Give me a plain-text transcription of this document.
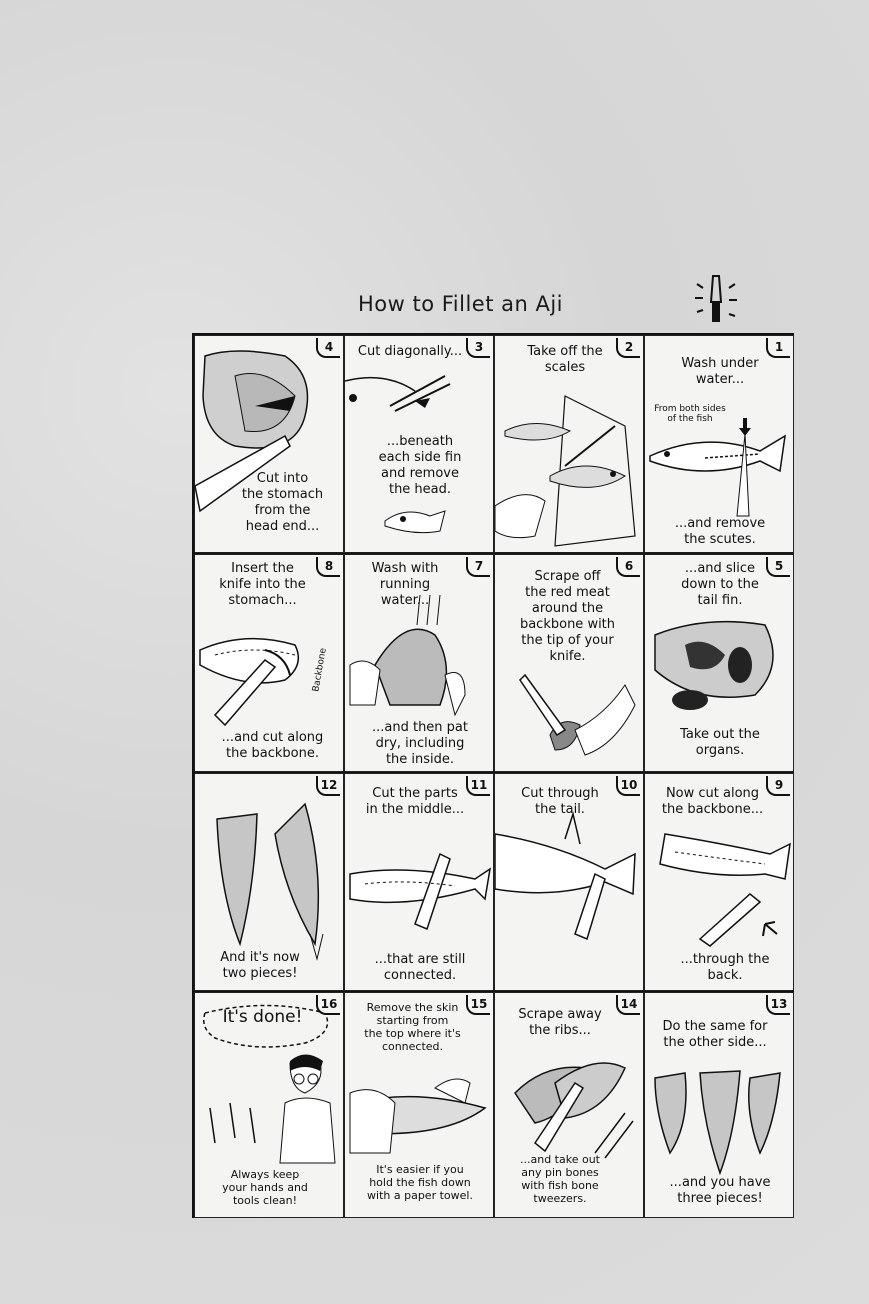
How to Fillet an Aji
4
Cut into
the stomach
from the
head end...
3
Cut diagonally...
...beneath
each side fin
and remove
the head.
2
Take off the
scales
1
Wash under
water...
From both sides
of the fish
...and remove
the scutes.
8
Insert the
knife into the
stomach...
Backbone
...and cut along
the backbone.
7
Wash with
running
water...
...and then pat
dry, including
the inside.
6
Scrape off
the red meat
around the
backbone with
the tip of your
knife.
5
...and slice
down to the
tail fin.
Take out the
organs.
12
And it's now
two pieces!
11
Cut the parts
in the middle...
...that are still
connected.
10
Cut through
the tail.
9
Now cut along
the backbone...
...through the
back.
16
It's done!
Always keep
your hands and
tools clean!
15
Remove the skin
starting from
the top where it's
connected.
It's easier if you
hold the fish down
with a paper towel.
14
Scrape away
the ribs...
...and take out
any pin bones
with fish bone
tweezers.
13
Do the same for
the other side...
...and you have
three pieces!
